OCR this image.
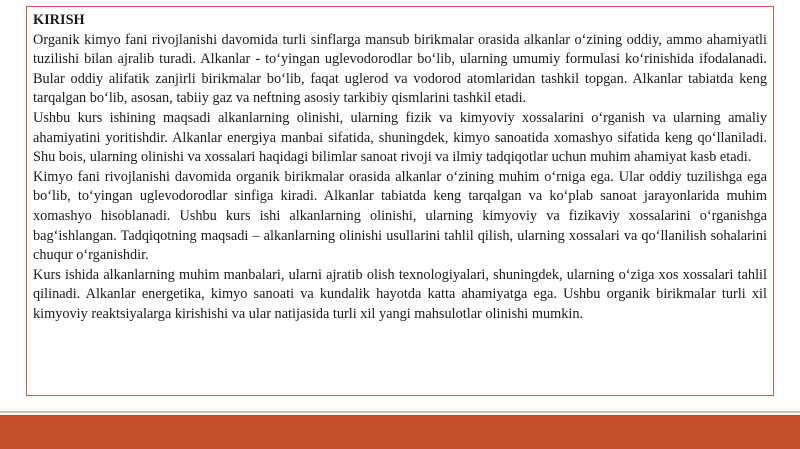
KIRISH

Organik kimyo fani rivojlanishi davomida turli sinflarga mansub birikmalar orasida alkanlar o‘zining oddiy, ammo ahamiyatli tuzilishi bilan ajralib turadi. Alkanlar - to‘yingan uglevodorodlar bo‘lib, ularning umumiy formulasi ko‘rinishida ifodalanadi. Bular oddiy alifatik zanjirli birikmalar bo‘lib, faqat uglerod va vodorod atomlaridan tashkil topgan. Alkanlar tabiatda keng tarqalgan bo‘lib, asosan, tabiiy gaz va neftning asosiy tarkibiy qismlarini tashkil etadi.

Ushbu kurs ishining maqsadi alkanlarning olinishi, ularning fizik va kimyoviy xossalarini o‘rganish va ularning amaliy ahamiyatini yoritishdir. Alkanlar energiya manbai sifatida, shuningdek, kimyo sanoatida xomashyo sifatida keng qo‘llaniladi. Shu bois, ularning olinishi va xossalari haqidagi bilimlar sanoat rivoji va ilmiy tadqiqotlar uchun muhim ahamiyat kasb etadi.

Kimyo fani rivojlanishi davomida organik birikmalar orasida alkanlar o‘zining muhim o‘rniga ega. Ular oddiy tuzilishga ega bo‘lib, to‘yingan uglevodorodlar sinfiga kiradi. Alkanlar tabiatda keng tarqalgan va ko‘plab sanoat jarayonlarida muhim xomashyo hisoblanadi. Ushbu kurs ishi alkanlarning olinishi, ularning kimyoviy va fizikaviy xossalarini o‘rganishga bag‘ishlangan. Tadqiqotning maqsadi – alkanlarning olinishi usullarini tahlil qilish, ularning xossalari va qo‘llanilish sohalarini chuqur o‘rganishdir.

Kurs ishida alkanlarning muhim manbalari, ularni ajratib olish texnologiyalari, shuningdek, ularning o‘ziga xos xossalari tahlil qilinadi. Alkanlar energetika, kimyo sanoati va kundalik hayotda katta ahamiyatga ega. Ushbu organik birikmalar turli xil kimyoviy reaktsiyalarga kirishishi va ular natijasida turli xil yangi mahsulotlar olinishi mumkin.
